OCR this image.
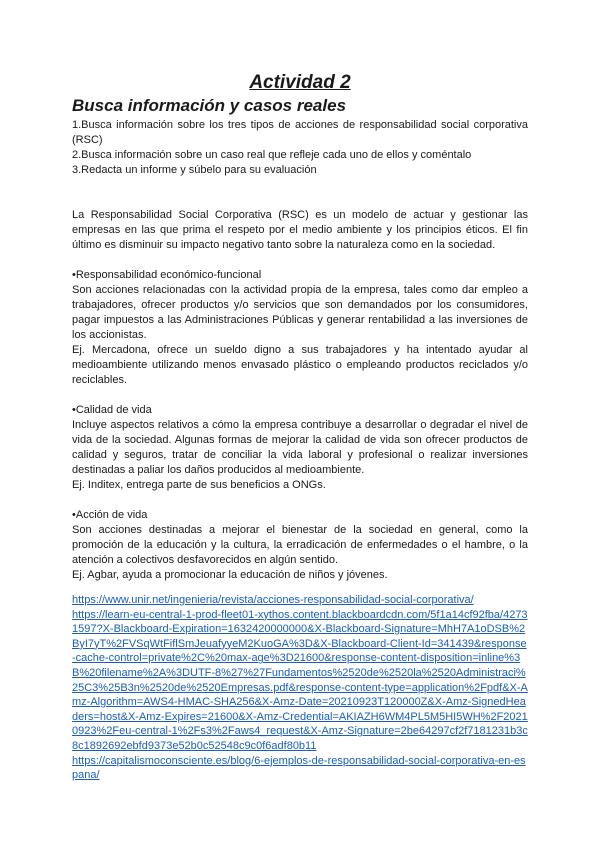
Actividad 2
Busca información y casos reales

1.Busca información sobre los tres tipos de acciones de responsabilidad social corporativa (RSC)

2.Busca información sobre un caso real que refleje cada uno de ellos y coméntalo

3.Redacta un informe y súbelo para su evaluación

La Responsabilidad Social Corporativa (RSC) es un modelo de actuar y gestionar las empresas en las que prima el respeto por el medio ambiente y los principios éticos. El fin último es disminuir su impacto negativo tanto sobre la naturaleza como en la sociedad.

•Responsabilidad económico-funcional

Son acciones relacionadas con la actividad propia de la empresa, tales como dar empleo a trabajadores, ofrecer productos y/o servicios que son demandados por los consumidores, pagar impuestos a las Administraciones Públicas y generar rentabilidad a las inversiones de los accionistas.

Ej. Mercadona, ofrece un sueldo digno a sus trabajadores y ha intentado ayudar al medioambiente utilizando menos envasado plástico o empleando productos reciclados y/o reciclables.

•Calidad de vida

Incluye aspectos relativos a cómo la empresa contribuye a desarrollar o degradar el nivel de vida de la sociedad. Algunas formas de mejorar la calidad de vida son ofrecer productos de calidad y seguros, tratar de conciliar la vida laboral y profesional o realizar inversiones destinadas a paliar los daños producidos al medioambiente.

Ej. Inditex, entrega parte de sus beneficios a ONGs.

•Acción de vida

Son acciones destinadas a mejorar el bienestar de la sociedad en general, como la promoción de la educación y la cultura, la erradicación de enfermedades o el hambre, o la atención a colectivos desfavorecidos en algún sentido.

Ej. Agbar, ayuda a promocionar la educación de niños y jóvenes.

https://www.unir.net/ingenieria/revista/acciones-responsabilidad-social-corporativa/
https://learn-eu-central-1-prod-fleet01-xythos.content.blackboardcdn.com/5f1a14cf92fba/42731597?X-Blackboard-Expiration=1632420000000&X-Blackboard-Signature=MhH7A1oDSB%2ByI7yT%2FVSqWtFiflSmJeuafyyeM2KuoGA%3D&X-Blackboard-Client-Id=341439&response-cache-control=private%2C%20max-age%3D21600&response-content-disposition=inline%3B%20filename%2A%3DUTF-8%27%27Fundamentos%2520de%2520la%2520Administraci%25C3%25B3n%2520de%2520Empresas.pdf&response-content-type=application%2Fpdf&X-Amz-Algorithm=AWS4-HMAC-SHA256&X-Amz-Date=20210923T120000Z&X-Amz-SignedHeaders=host&X-Amz-Expires=21600&X-Amz-Credential=AKIAZH6WM4PL5M5HI5WH%2F20210923%2Feu-central-1%2Fs3%2Faws4_request&X-Amz-Signature=2be64297cf2f7181231b3c8c1892692ebfd9373e52b0c52548c9c0f6adf80b11
https://capitalismoconsciente.es/blog/6-ejemplos-de-responsabilidad-social-corporativa-en-espana/
